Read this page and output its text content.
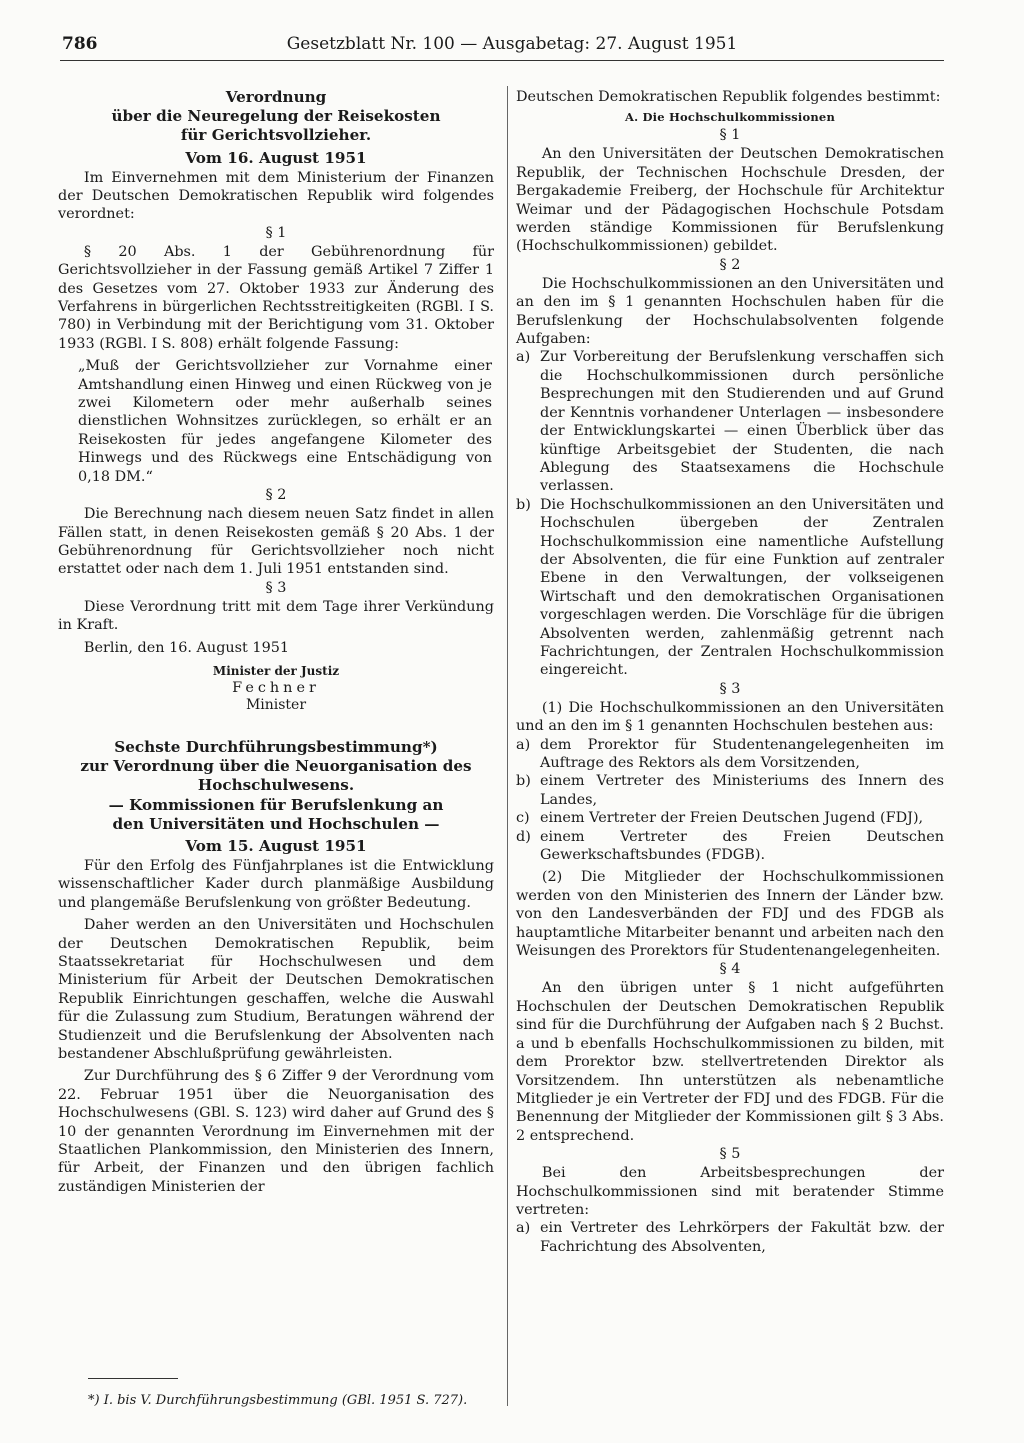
786	Gesetzblatt Nr. 100 — Ausgabetag: 27. August 1951
Verordnung
über die Neuregelung der Reisekosten
für Gerichtsvollzieher.
Vom 16. August 1951

Im Einvernehmen mit dem Ministerium der Finanzen der Deutschen Demokratischen Republik wird folgendes verordnet:

§ 1

§ 20 Abs. 1 der Gebührenordnung für Gerichtsvollzieher in der Fassung gemäß Artikel 7 Ziffer 1 des Gesetzes vom 27. Oktober 1933 zur Änderung des Verfahrens in bürgerlichen Rechtsstreitigkeiten (RGBl. I S. 780) in Verbindung mit der Berichtigung vom 31. Oktober 1933 (RGBl. I S. 808) erhält folgende Fassung:

„Muß der Gerichtsvollzieher zur Vornahme einer Amtshandlung einen Hinweg und einen Rückweg von je zwei Kilometern oder mehr außerhalb seines dienstlichen Wohnsitzes zurücklegen, so erhält er an Reisekosten für jedes angefangene Kilometer des Hinwegs und des Rückwegs eine Entschädigung von 0,18 DM.“

§ 2

Die Berechnung nach diesem neuen Satz findet in allen Fällen statt, in denen Reisekosten gemäß § 20 Abs. 1 der Gebührenordnung für Gerichtsvollzieher noch nicht erstattet oder nach dem 1. Juli 1951 entstanden sind.

§ 3

Diese Verordnung tritt mit dem Tage ihrer Verkündung in Kraft.

Berlin, den 16. August 1951

Minister der Justiz
Fechner
Minister
Sechste Durchführungsbestimmung*)
zur Verordnung über die Neuorganisation des
Hochschulwesens.
— Kommissionen für Berufslenkung an
den Universitäten und Hochschulen —
Vom 15. August 1951

Für den Erfolg des Fünfjahrplanes ist die Entwicklung wissenschaftlicher Kader durch planmäßige Ausbildung und plangemäße Berufslenkung von größter Bedeutung.

Daher werden an den Universitäten und Hochschulen der Deutschen Demokratischen Republik, beim Staatssekretariat für Hochschulwesen und dem Ministerium für Arbeit der Deutschen Demokratischen Republik Einrichtungen geschaffen, welche die Auswahl für die Zulassung zum Studium, Beratungen während der Studienzeit und die Berufslenkung der Absolventen nach bestandener Abschlußprüfung gewährleisten.

Zur Durchführung des § 6 Ziffer 9 der Verordnung vom 22. Februar 1951 über die Neuorganisation des Hochschulwesens (GBl. S. 123) wird daher auf Grund des § 10 der genannten Verordnung im Einvernehmen mit der Staatlichen Plankommission, den Ministerien des Innern, für Arbeit, der Finanzen und den übrigen fachlich zuständigen Ministerien der

Deutschen Demokratischen Republik folgendes bestimmt:

A. Die Hochschulkommissionen
§ 1

An den Universitäten der Deutschen Demokratischen Republik, der Technischen Hochschule Dresden, der Bergakademie Freiberg, der Hochschule für Architektur Weimar und der Pädagogischen Hochschule Potsdam werden ständige Kommissionen für Berufslenkung (Hochschulkommissionen) gebildet.

§ 2

Die Hochschulkommissionen an den Universitäten und an den im § 1 genannten Hochschulen haben für die Berufslenkung der Hochschulabsolventen folgende Aufgaben:

a) Zur Vorbereitung der Berufslenkung verschaffen sich die Hochschulkommissionen durch persönliche Besprechungen mit den Studierenden und auf Grund der Kenntnis vorhandener Unterlagen — insbesondere der Entwicklungskartei — einen Überblick über das künftige Arbeitsgebiet der Studenten, die nach Ablegung des Staatsexamens die Hochschule verlassen.
b) Die Hochschulkommissionen an den Universitäten und Hochschulen übergeben der Zentralen Hochschulkommission eine namentliche Aufstellung der Absolventen, die für eine Funktion auf zentraler Ebene in den Verwaltungen, der volkseigenen Wirtschaft und den demokratischen Organisationen vorgeschlagen werden. Die Vorschläge für die übrigen Absolventen werden, zahlenmäßig getrennt nach Fachrichtungen, der Zentralen Hochschulkommission eingereicht.
§ 3

(1) Die Hochschulkommissionen an den Universitäten und an den im § 1 genannten Hochschulen bestehen aus:

a) dem Prorektor für Studentenangelegenheiten im Auftrage des Rektors als dem Vorsitzenden,
b) einem Vertreter des Ministeriums des Innern des Landes,
c) einem Vertreter der Freien Deutschen Jugend (FDJ),
d) einem Vertreter des Freien Deutschen Gewerkschaftsbundes (FDGB).

(2) Die Mitglieder der Hochschulkommissionen werden von den Ministerien des Innern der Länder bzw. von den Landesverbänden der FDJ und des FDGB als hauptamtliche Mitarbeiter benannt und arbeiten nach den Weisungen des Prorektors für Studentenangelegenheiten.

§ 4

An den übrigen unter § 1 nicht aufgeführten Hochschulen der Deutschen Demokratischen Republik sind für die Durchführung der Aufgaben nach § 2 Buchst. a und b ebenfalls Hochschulkommissionen zu bilden, mit dem Prorektor bzw. stellvertretenden Direktor als Vorsitzendem. Ihn unterstützen als nebenamtliche Mitglieder je ein Vertreter der FDJ und des FDGB. Für die Benennung der Mitglieder der Kommissionen gilt § 3 Abs. 2 entsprechend.

§ 5

Bei den Arbeitsbesprechungen der Hochschulkommissionen sind mit beratender Stimme vertreten:

a) ein Vertreter des Lehrkörpers der Fakultät bzw. der Fachrichtung des Absolventen,
*) I. bis V. Durchführungsbestimmung (GBl. 1951 S. 727).
